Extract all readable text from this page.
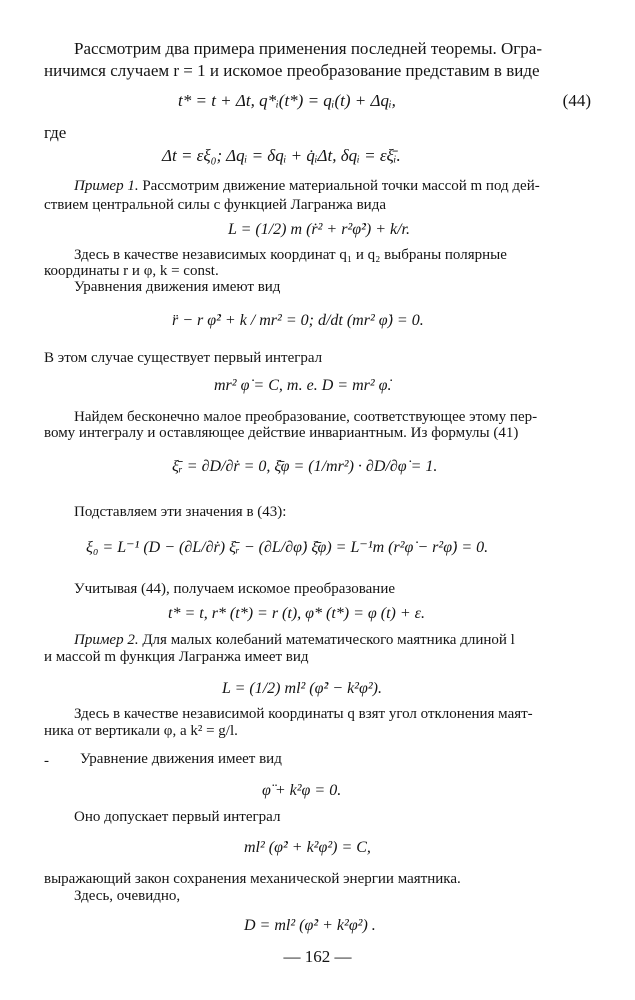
Рассмотрим два примера применения последней теоремы. Огра-
ничимся случаем r = 1 и искомое преобразование представим в виде
t* = t + Δt, q*ᵢ(t*) = qᵢ(t) + Δqᵢ,	(44)
где
Δt = εξ₀; Δqᵢ = δqᵢ + q̇ᵢΔt, δqᵢ = εξ̄ᵢ.
Пример 1. Рассмотрим движение материальной точки массой m под дей-
ствием центральной силы с функцией Лагранжа вида
L = (1/2) m (ṙ² + r²φ̇²) + k/r.
Здесь в качестве независимых координат q₁ и q₂ выбраны полярные
координаты r и φ, k = const.
Уравнения движения имеют вид
r̈ − r φ̇² + k / mr² = 0; d/dt (mr² φ̇) = 0.
В этом случае существует первый интеграл
mr² φ̇ = C, т. е. D = mr² φ̇.
Найдем бесконечно малое преобразование, соответствующее этому пер-
вому интегралу и оставляющее действие инвариантным. Из формулы (41)
ξ̄ᵣ = ∂D/∂ṙ = 0, ξ̄φ = (1/mr²) · ∂D/∂φ̇ = 1.
Подставляем эти значения в (43):
ξ₀ = L⁻¹ (D − (∂L/∂ṙ) ξ̄ᵣ − (∂L/∂φ̇) ξ̄φ) = L⁻¹m (r²φ̇ − r²φ̇) = 0.
Учитывая (44), получаем искомое преобразование
t* = t, r* (t*) = r (t), φ* (t*) = φ (t) + ε.
Пример 2. Для малых колебаний математического маятника длиной l
и массой m функция Лагранжа имеет вид
L = (1/2) ml² (φ̇² − k²φ²).
Здесь в качестве независимой координаты q взят угол отклонения маят-
ника от вертикали φ, а k² = g/l.
- Уравнение движения имеет вид
φ̈ + k²φ = 0.
Оно допускает первый интеграл
ml² (φ̇² + k²φ²) = C,
выражающий закон сохранения механической энергии маятника.
Здесь, очевидно,
D = ml² (φ̇² + k²φ²) .
— 162 —
